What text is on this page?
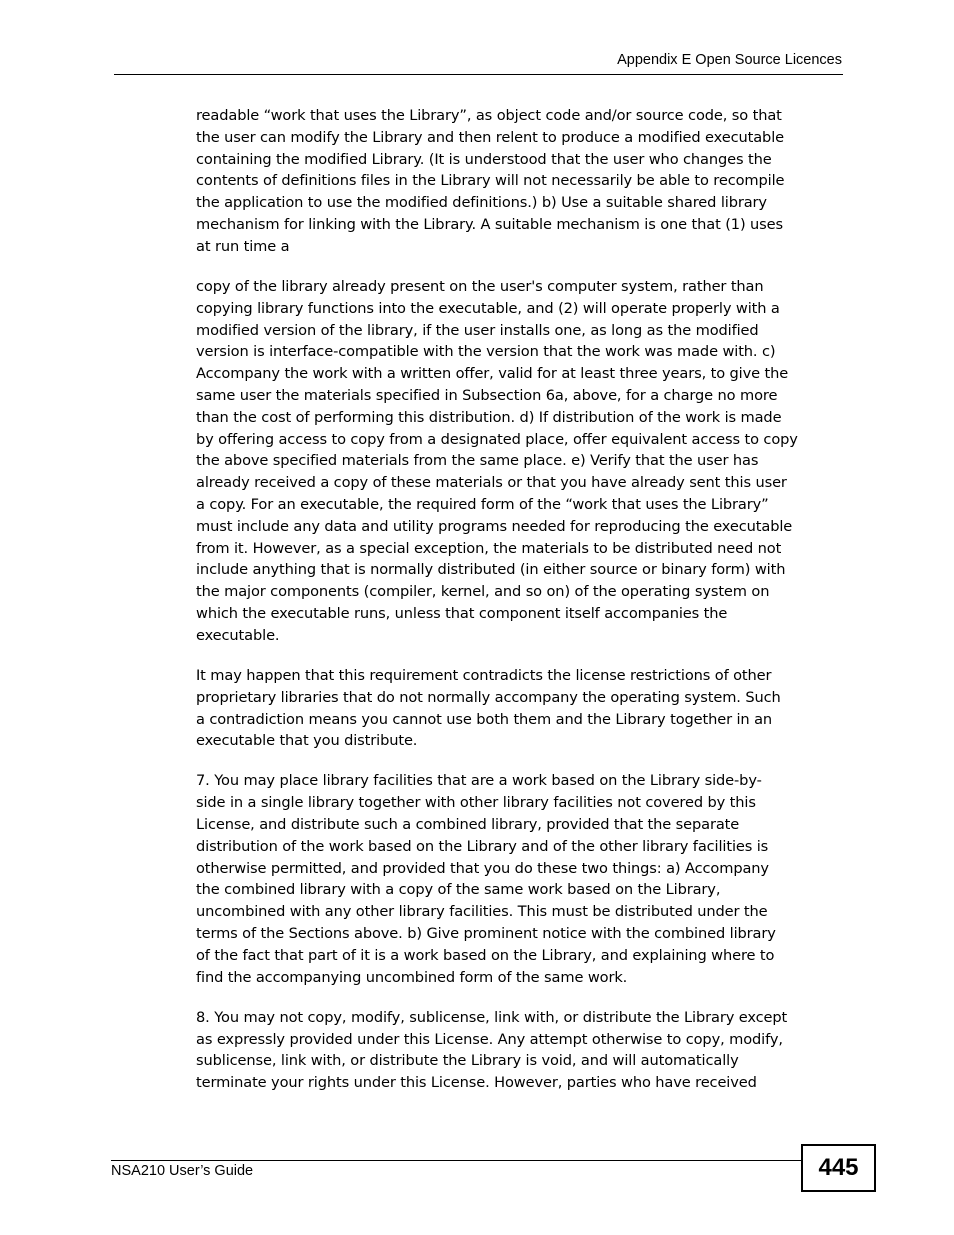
Appendix E Open Source Licences

readable “work that uses the Library”, as object code and/or source code, so that
the user can modify the Library and then relent to produce a modified executable
containing the modified Library. (It is understood that the user who changes the
contents of definitions files in the Library will not necessarily be able to recompile
the application to use the modified definitions.) b) Use a suitable shared library
mechanism for linking with the Library. A suitable mechanism is one that (1) uses
at run time a

copy of the library already present on the user's computer system, rather than
copying library functions into the executable, and (2) will operate properly with a
modified version of the library, if the user installs one, as long as the modified
version is interface-compatible with the version that the work was made with. c)
Accompany the work with a written offer, valid for at least three years, to give the
same user the materials specified in Subsection 6a, above, for a charge no more
than the cost of performing this distribution. d) If distribution of the work is made
by offering access to copy from a designated place, offer equivalent access to copy
the above specified materials from the same place. e) Verify that the user has
already received a copy of these materials or that you have already sent this user
a copy. For an executable, the required form of the “work that uses the Library”
must include any data and utility programs needed for reproducing the executable
from it. However, as a special exception, the materials to be distributed need not
include anything that is normally distributed (in either source or binary form) with
the major components (compiler, kernel, and so on) of the operating system on
which the executable runs, unless that component itself accompanies the
executable.

It may happen that this requirement contradicts the license restrictions of other
proprietary libraries that do not normally accompany the operating system. Such
a contradiction means you cannot use both them and the Library together in an
executable that you distribute.

7. You may place library facilities that are a work based on the Library side-by-
side in a single library together with other library facilities not covered by this
License, and distribute such a combined library, provided that the separate
distribution of the work based on the Library and of the other library facilities is
otherwise permitted, and provided that you do these two things: a) Accompany
the combined library with a copy of the same work based on the Library,
uncombined with any other library facilities. This must be distributed under the
terms of the Sections above. b) Give prominent notice with the combined library
of the fact that part of it is a work based on the Library, and explaining where to
find the accompanying uncombined form of the same work.

8. You may not copy, modify, sublicense, link with, or distribute the Library except
as expressly provided under this License. Any attempt otherwise to copy, modify,
sublicense, link with, or distribute the Library is void, and will automatically
terminate your rights under this License. However, parties who have received

NSA210 User’s Guide	445
